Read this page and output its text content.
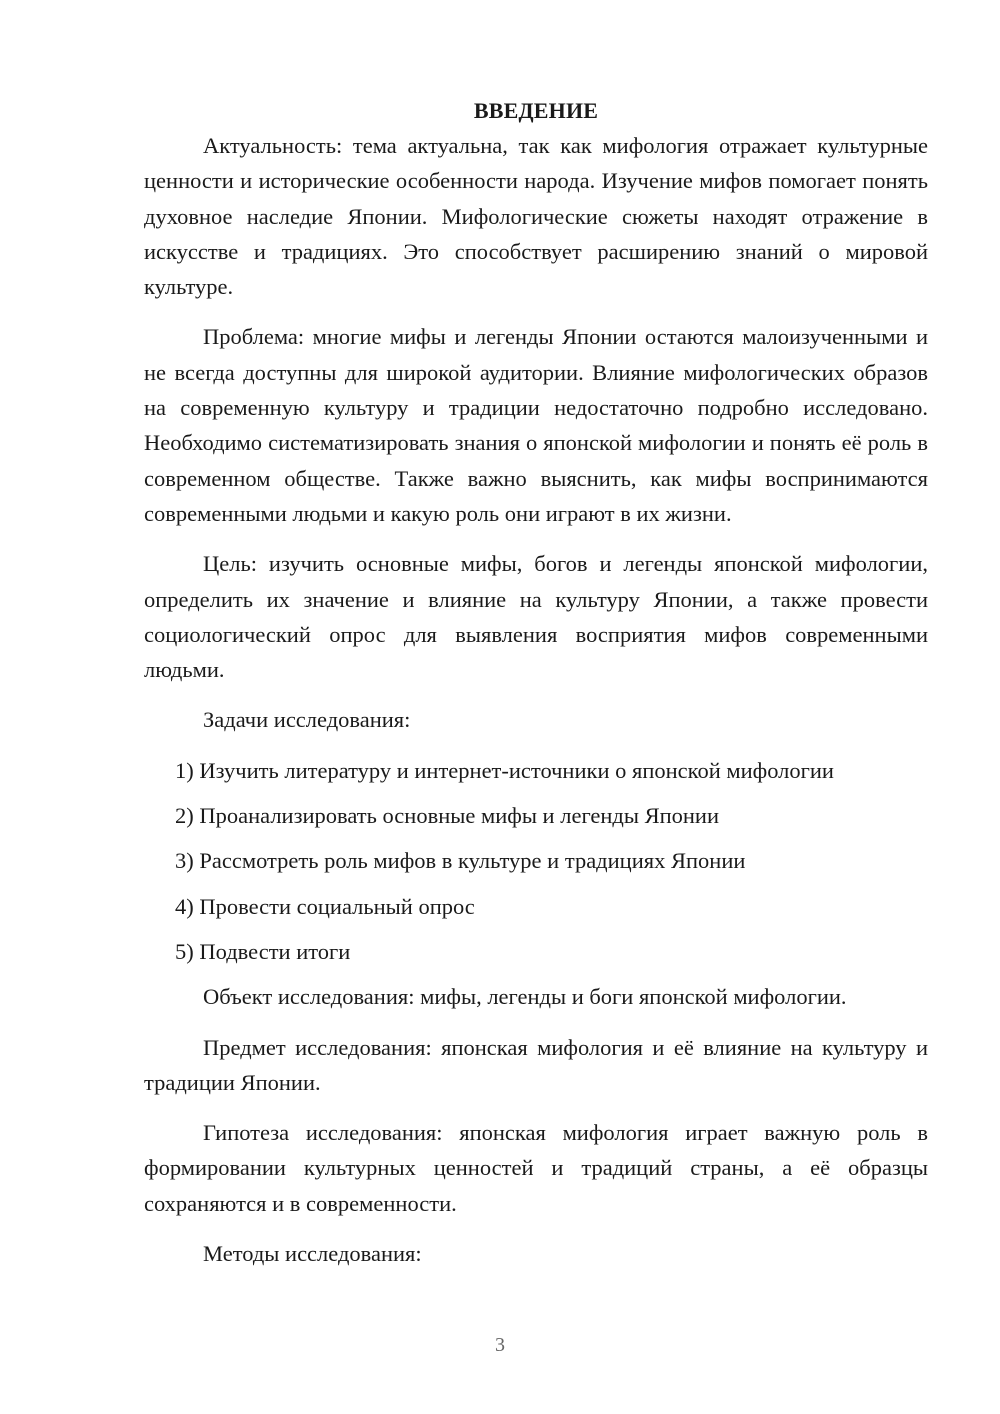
ВВЕДЕНИЕ

Актуальность: тема актуальна, так как мифология отражает культурные ценности и исторические особенности народа. Изучение мифов помогает понять духовное наследие Японии. Мифологические сюжеты находят отражение в искусстве и традициях. Это способствует расширению знаний о мировой культуре.

Проблема: многие мифы и легенды Японии остаются малоизученными и не всегда доступны для широкой аудитории. Влияние мифологических образов на современную культуру и традиции недостаточно подробно исследовано. Необходимо систематизировать знания о японской мифологии и понять её роль в современном обществе. Также важно выяснить, как мифы воспринимаются современными людьми и какую роль они играют в их жизни.

Цель: изучить основные мифы, богов и легенды японской мифологии, определить их значение и влияние на культуру Японии, а также провести социологический опрос для выявления восприятия мифов современными людьми.

Задачи исследования:

1) Изучить литературу и интернет-источники о японской мифологии
2) Проанализировать основные мифы и легенды Японии
3) Рассмотреть роль мифов в культуре и традициях Японии
4) Провести социальный опрос
5) Подвести итоги

Объект исследования: мифы, легенды и боги японской мифологии.

Предмет исследования: японская мифология и её влияние на культуру и традиции Японии.

Гипотеза исследования: японская мифология играет важную роль в формировании культурных ценностей и традиций страны, а её образцы сохраняются и в современности.

Методы исследования:

3
